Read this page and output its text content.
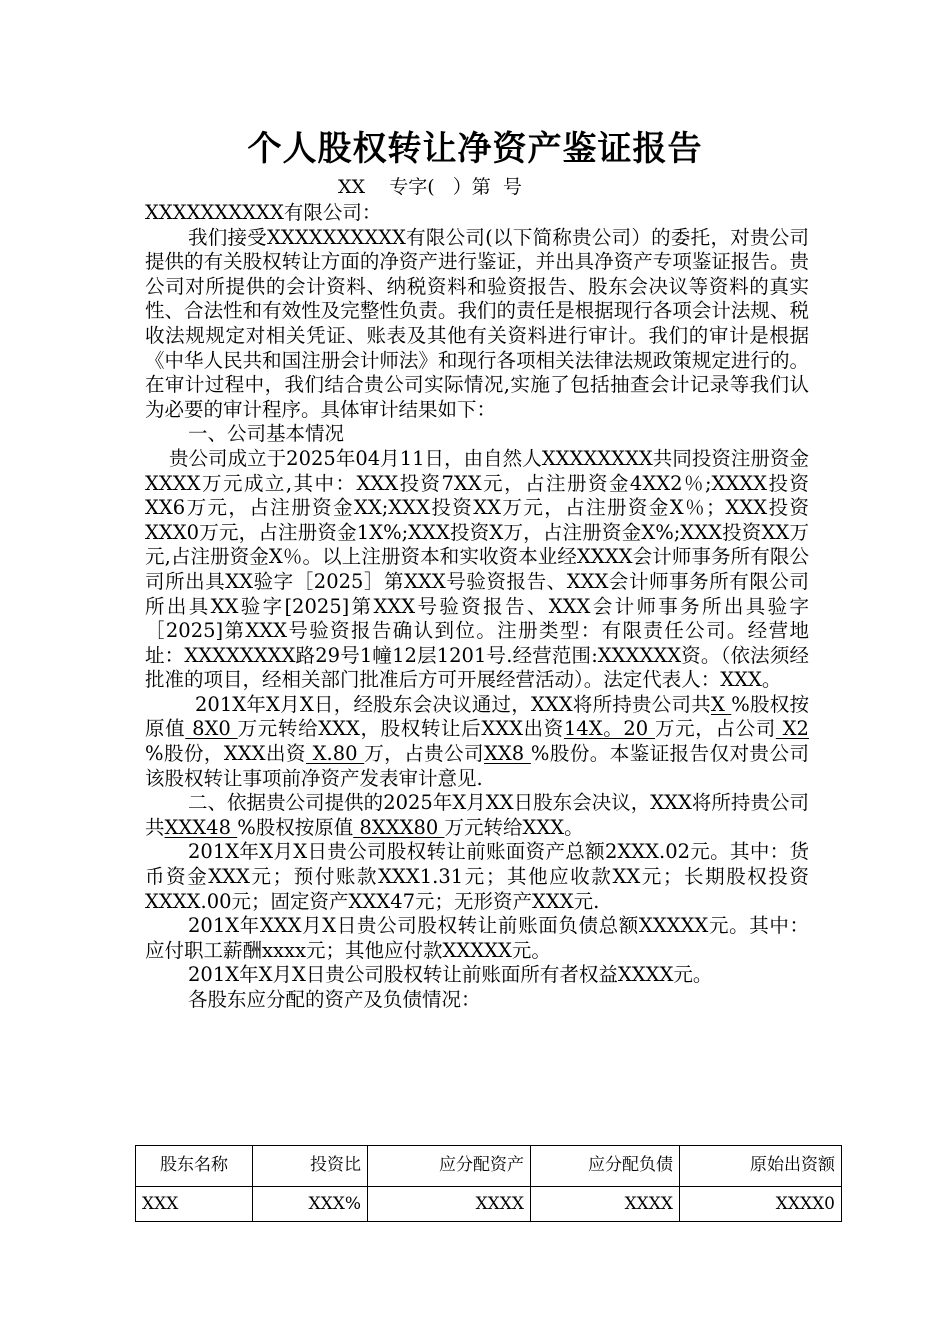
个人股权转让净资产鉴证报告
XX    专字(   ）第  号

XXXXXXXXXX有限公司：

我们接受XXXXXXXXXX有限公司(以下简称贵公司）的委托，对贵公司提供的有关股权转让方面的净资产进行鉴证，并出具净资产专项鉴证报告。贵公司对所提供的会计资料、纳税资料和验资报告、股东会决议等资料的真实性、合法性和有效性及完整性负责。我们的责任是根据现行各项会计法规、税收法规规定对相关凭证、账表及其他有关资料进行审计。我们的审计是根据《中华人民共和国注册会计师法》和现行各项相关法律法规政策规定进行的。在审计过程中，我们结合贵公司实际情况,实施了包括抽查会计记录等我们认为必要的审计程序。具体审计结果如下：

一、公司基本情况

贵公司成立于2025年04月11日，由自然人XXXXXXXX共同投资注册资金XXXX万元成立,其中：XXX投资7XX元，占注册资金4XX2％;XXXX投资XX6万元，占注册资金XX;XXX投资XX万元，占注册资金X％；XXX投资XXX0万元，占注册资金1X%;XXX投资X万，占注册资金X%;XXX投资XX万元,占注册资金X％。以上注册资本和实收资本业经XXXX会计师事务所有限公司所出具XX验字［2025］第XXX号验资报告、XXX会计师事务所有限公司所出具XX验字[2025]第XXX号验资报告、XXX会计师事务所出具验字［2025]第XXX号验资报告确认到位。注册类型：有限责任公司。经营地址：XXXXXXXX路29号1幢12层1201号.经营范围:XXXXXX资。（依法须经批准的项目，经相关部门批准后方可开展经营活动）。法定代表人：XXX。

201X年X月X日，经股东会决议通过，XXX将所持贵公司共X %股权按原值 8X0 万元转给XXX，股权转让后XXX出资14X。20 万元，占公司 X2 %股份，XXX出资 X.80 万，占贵公司XX8 %股份。本鉴证报告仅对贵公司该股权转让事项前净资产发表审计意见.

二、依据贵公司提供的2025年X月XX日股东会决议，XXX将所持贵公司共XXX48 %股权按原值 8XXX80 万元转给XXX。

201X年X月X日贵公司股权转让前账面资产总额2XXX.02元。其中：货币资金XXX元；预付账款XXX1.31元；其他应收款XX元；长期股权投资XXXX.00元；固定资产XXX47元；无形资产XXX元.

201X年XXX月X日贵公司股权转让前账面负债总额XXXXX元。其中：应付职工薪酬xxxx元；其他应付款XXXXX元。

201X年X月X日贵公司股权转让前账面所有者权益XXXX元。

各股东应分配的资产及负债情况：

股东名称	投资比	应分配资产	应分配负债	原始出资额
XXX	XXX%	XXXX	XXXX	XXXX0
